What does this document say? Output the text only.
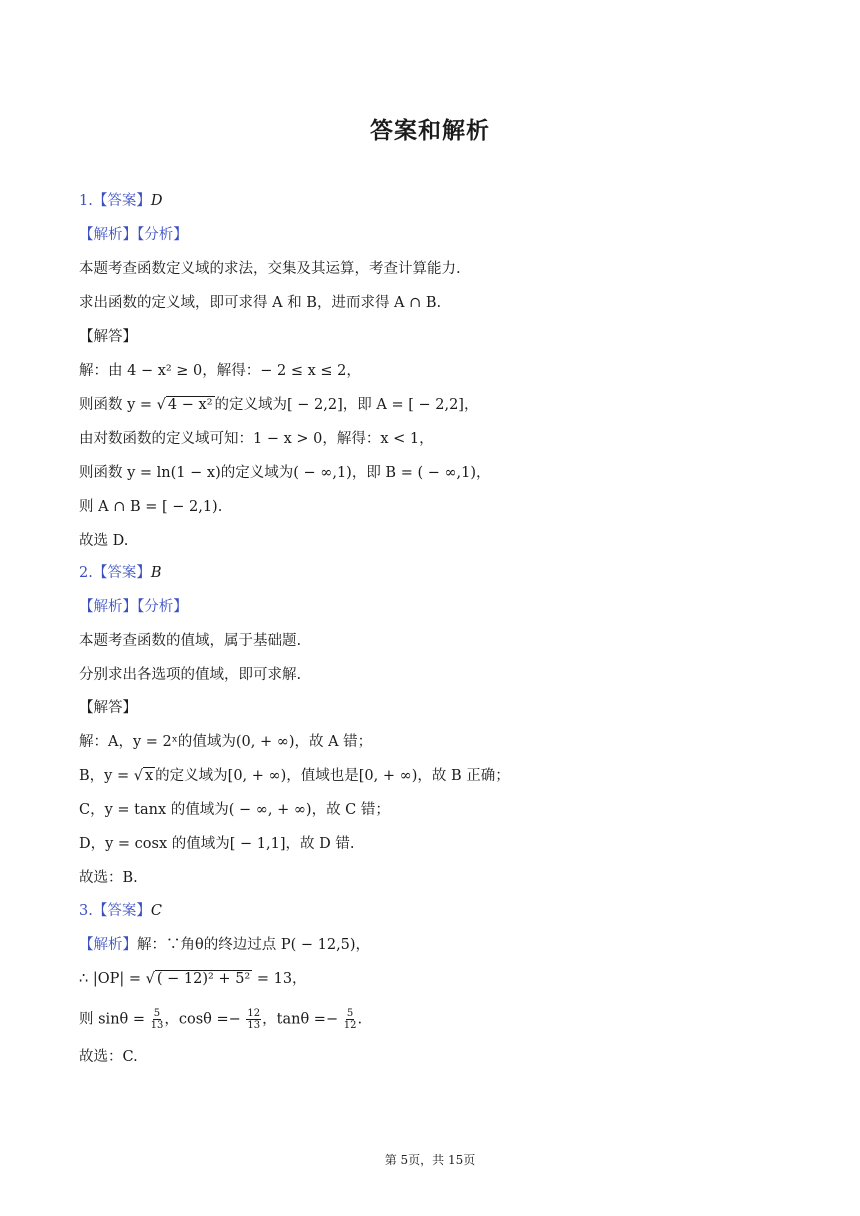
答案和解析
1.【答案】D
【解析】【分析】
本题考查函数定义域的求法，交集及其运算，考查计算能力.
求出函数的定义域，即可求得 A 和 B，进而求得 A ∩ B.
【解答】
解：由 4 − x² ≥ 0，解得：− 2 ≤ x ≤ 2，
则函数 y = √ 4 − x² 的定义域为[ − 2,2]，即 A = [ − 2,2]，
由对数函数的定义域可知：1 − x > 0，解得：x < 1，
则函数 y = ln(1 − x)的定义域为( − ∞,1)，即 B = ( − ∞,1)，
则 A ∩ B = [ − 2,1).
故选 D.
2.【答案】B
【解析】【分析】
本题考查函数的值域，属于基础题.
分别求出各选项的值域，即可求解.
【解答】
解：A，y = 2ˣ的值域为(0, + ∞)，故 A 错；
B，y = √ x 的定义域为[0, + ∞)，值域也是[0, + ∞)，故 B 正确；
C，y = tanx 的值域为( − ∞, + ∞)，故 C 错；
D，y = cosx 的值域为[ − 1,1]，故 D 错.
故选：B.
3.【答案】C
【解析】解：∵角θ的终边过点 P( − 12,5)，
∴ |OP| = √ ( − 12)² + 5² = 13，
则 $\sin\theta = \frac{5}{13}$ ，$\cos\theta =- \frac{12}{13}$ ，$\tan\theta =- \frac{5}{12}$ .
故选：C.
第 5页，共 15页
